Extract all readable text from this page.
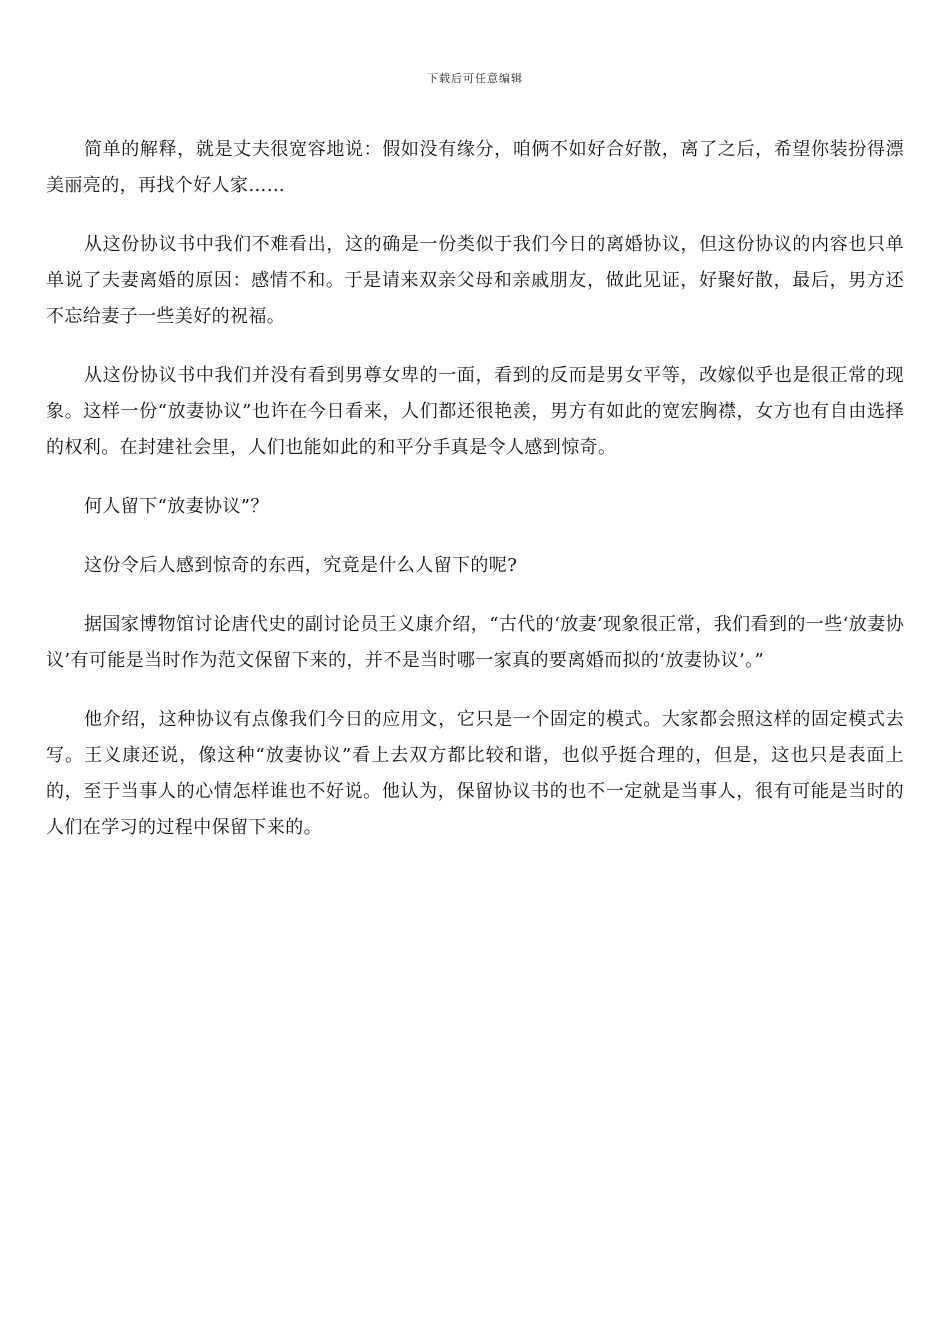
下载后可任意编辑

简单的解释，就是丈夫很宽容地说：假如没有缘分，咱俩不如好合好散，离了之后，希望你装扮得漂美丽亮的，再找个好人家……

从这份协议书中我们不难看出，这的确是一份类似于我们今日的离婚协议，但这份协议的内容也只单单说了夫妻离婚的原因：感情不和。于是请来双亲父母和亲戚朋友，做此见证，好聚好散，最后，男方还不忘给妻子一些美好的祝福。

从这份协议书中我们并没有看到男尊女卑的一面，看到的反而是男女平等，改嫁似乎也是很正常的现象。这样一份“放妻协议”也许在今日看来，人们都还很艳羡，男方有如此的宽宏胸襟，女方也有自由选择的权利。在封建社会里，人们也能如此的和平分手真是令人感到惊奇。

何人留下“放妻协议”？

这份令后人感到惊奇的东西，究竟是什么人留下的呢?

据国家博物馆讨论唐代史的副讨论员王义康介绍，“古代的‘放妻’现象很正常，我们看到的一些‘放妻协议’有可能是当时作为范文保留下来的，并不是当时哪一家真的要离婚而拟的‘放妻协议’。”

他介绍，这种协议有点像我们今日的应用文，它只是一个固定的模式。大家都会照这样的固定模式去写。王义康还说，像这种“放妻协议”看上去双方都比较和谐，也似乎挺合理的，但是，这也只是表面上的，至于当事人的心情怎样谁也不好说。他认为，保留协议书的也不一定就是当事人，很有可能是当时的人们在学习的过程中保留下来的。
